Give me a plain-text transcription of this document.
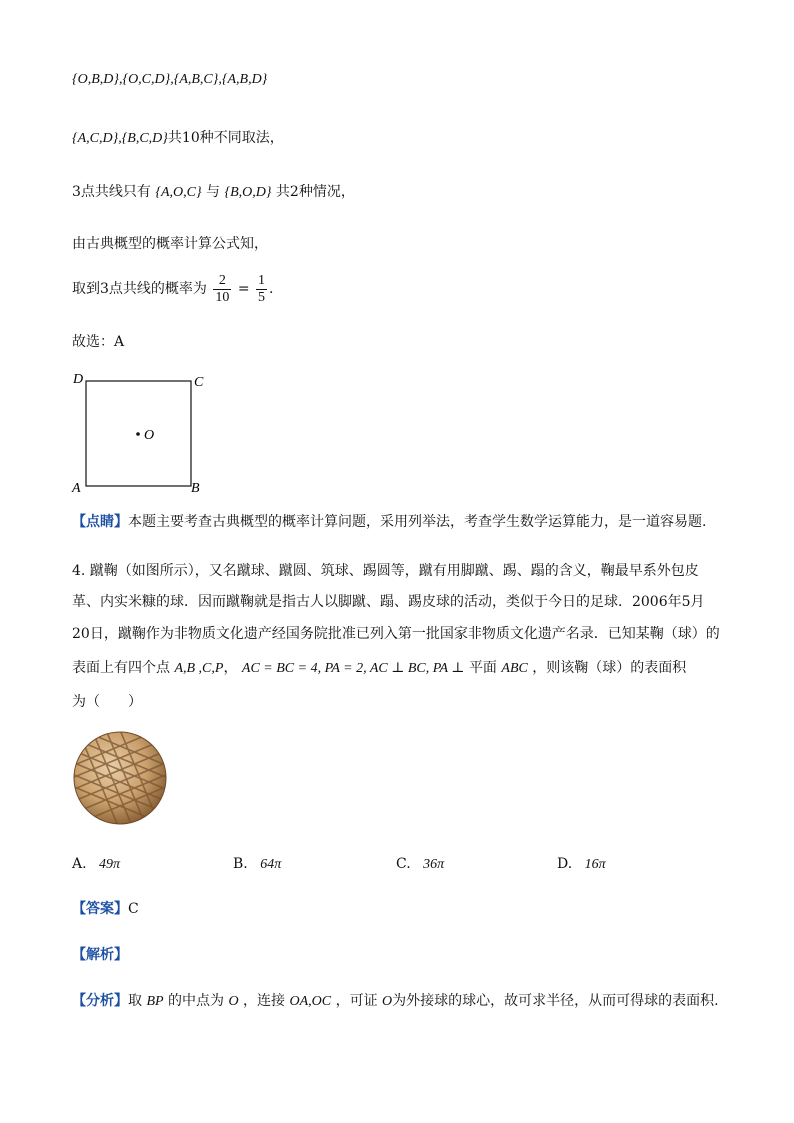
{O,B,D},{O,C,D},{A,B,C},{A,B,D}
{A,C,D},{B,C,D}共10种不同取法，
3点共线只有 {A,O,C} 与 {B,O,D} 共2种情况，
由古典概型的概率计算公式知，
取到3点共线的概率为 $\frac{2}{10} = \frac{1}{5}$ .
故选：A
D	C
O
A	B
【点睛】本题主要考查古典概型的概率计算问题，采用列举法，考查学生数学运算能力，是一道容易题.
4. 蹴鞠（如图所示），又名蹴球、蹴圆、筑球、踢圆等，蹴有用脚蹴、踢、蹋的含义，鞠最早系外包皮
革、内实米糠的球．因而蹴鞠就是指古人以脚蹴、蹋、踢皮球的活动，类似于今日的足球．2006年5月
20日，蹴鞠作为非物质文化遗产经国务院批准已列入第一批国家非物质文化遗产名录．已知某鞠（球）的
表面上有四个点 A,B ,C,P， AC = BC = 4, PA = 2, AC ⊥ BC, PA ⊥ 平面 ABC ，则该鞠（球）的表面积
为（　　）
A. 49π	B. 64π	C. 36π	D. 16π
【答案】C
【解析】
【分析】取 BP 的中点为 O ，连接 OA,OC ，可证 O为外接球的球心，故可求半径，从而可得球的表面积.
